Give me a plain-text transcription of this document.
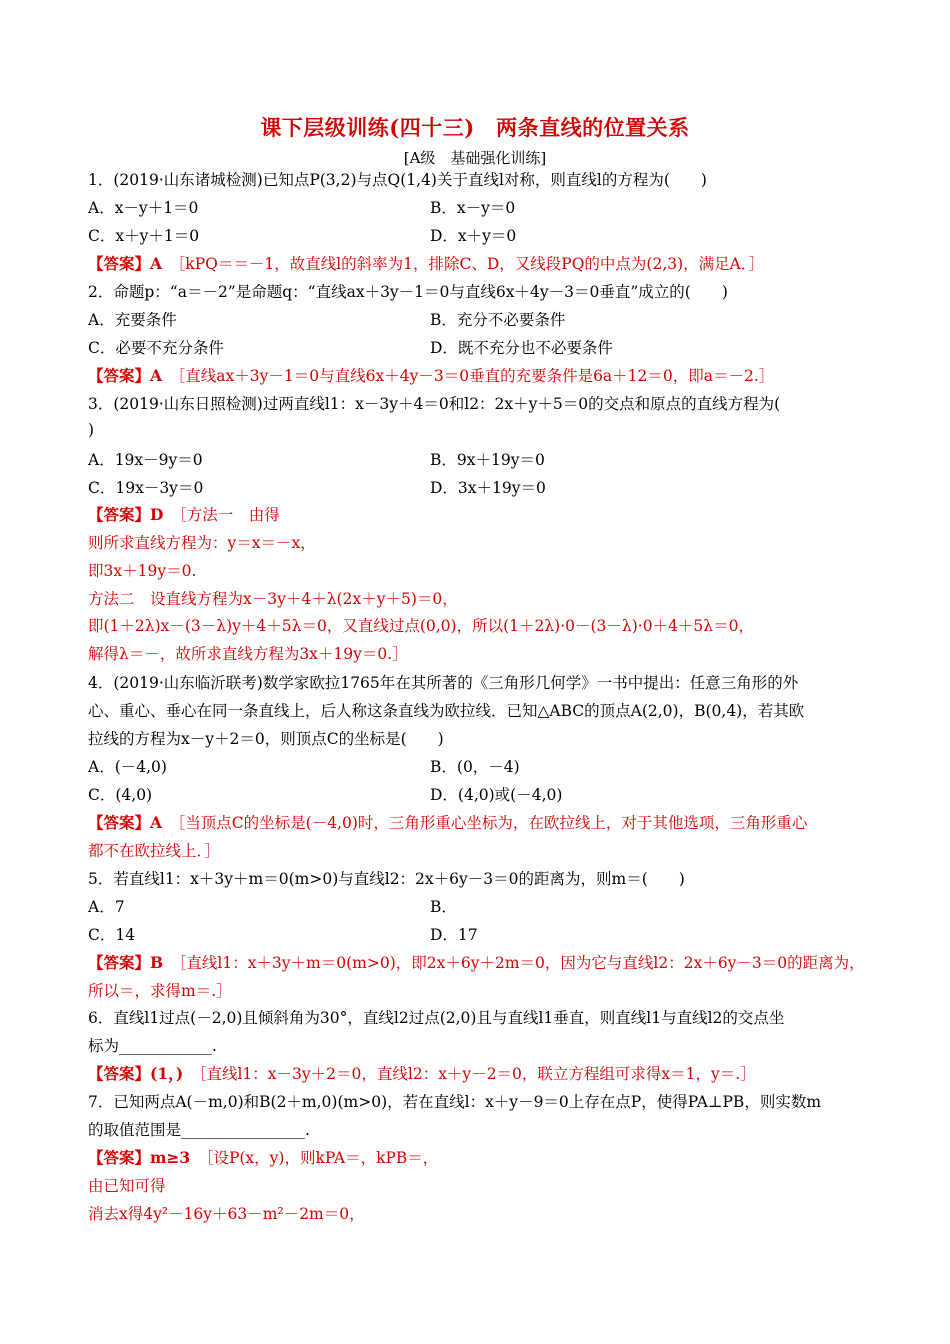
课下层级训练(四十三)　两条直线的位置关系
[A级　基础强化训练]
1．(2019·山东诸城检测)已知点P(3,2)与点Q(1,4)关于直线l对称，则直线l的方程为(　　)
A．x－y＋1＝0	B．x－y＝0
C．x＋y＋1＝0	D．x＋y＝0
【答案】A　 ［kPQ＝＝－1，故直线l的斜率为1，排除C、D，又线段PQ的中点为(2,3)，满足A．］
2．命题p：“a＝－2”是命题q：“直线ax＋3y－1＝0与直线6x＋4y－3＝0垂直”成立的(　　)
A．充要条件	B．充分不必要条件
C．必要不充分条件	D．既不充分也不必要条件
【答案】A　 ［直线ax＋3y－1＝0与直线6x＋4y－3＝0垂直的充要条件是6a＋12＝0，即a＝－2.］
3．(2019·山东日照检测)过两直线l1：x－3y＋4＝0和l2：2x＋y＋5＝0的交点和原点的直线方程为(
)
A．19x－9y＝0	B．9x＋19y＝0
C．19x－3y＝0	D．3x＋19y＝0
【答案】D　 ［方法一　由得
则所求直线方程为：y＝x＝－x，
即3x＋19y＝0.
方法二　设直线方程为x－3y＋4＋λ(2x＋y＋5)＝0，
即(1＋2λ)x－(3－λ)y＋4＋5λ＝0，又直线过点(0,0)，所以(1＋2λ)·0－(3－λ)·0＋4＋5λ＝0，
解得λ＝－，故所求直线方程为3x＋19y＝0.］
4．(2019·山东临沂联考)数学家欧拉1765年在其所著的《三角形几何学》一书中提出：任意三角形的外
心、重心、垂心在同一条直线上，后人称这条直线为欧拉线．已知△ABC的顶点A(2,0)，B(0,4)，若其欧
拉线的方程为x－y＋2＝0，则顶点C的坐标是(　　)
A．(－4,0)	B．(0，－4)
C．(4,0)	D．(4,0)或(－4,0)
【答案】A　 ［当顶点C的坐标是(－4,0)时，三角形重心坐标为，在欧拉线上，对于其他选项，三角形重心
都不在欧拉线上．］
5．若直线l1：x＋3y＋m＝0(m>0)与直线l2：2x＋6y－3＝0的距离为，则m＝(　　)
A．7	B．
C．14	D．17
【答案】B　 ［直线l1：x＋3y＋m＝0(m>0)，即2x＋6y＋2m＝0，因为它与直线l2：2x＋6y－3＝0的距离为，
所以＝，求得m＝.］
6．直线l1过点(－2,0)且倾斜角为30°，直线l2过点(2,0)且与直线l1垂直，则直线l1与直线l2的交点坐
标为____________.
【答案】(1，)　 ［直线l1：x－3y＋2＝0，直线l2：x＋y－2＝0，联立方程组可求得x＝1，y＝.］
7．已知两点A(－m,0)和B(2＋m,0)(m>0)，若在直线l：x＋y－9＝0上存在点P，使得PA⊥PB，则实数m
的取值范围是________________.
【答案】m≥3　 ［设P(x，y)，则kPA＝，kPB＝，
由已知可得
消去x得4y²－16y＋63－m²－2m＝0，
